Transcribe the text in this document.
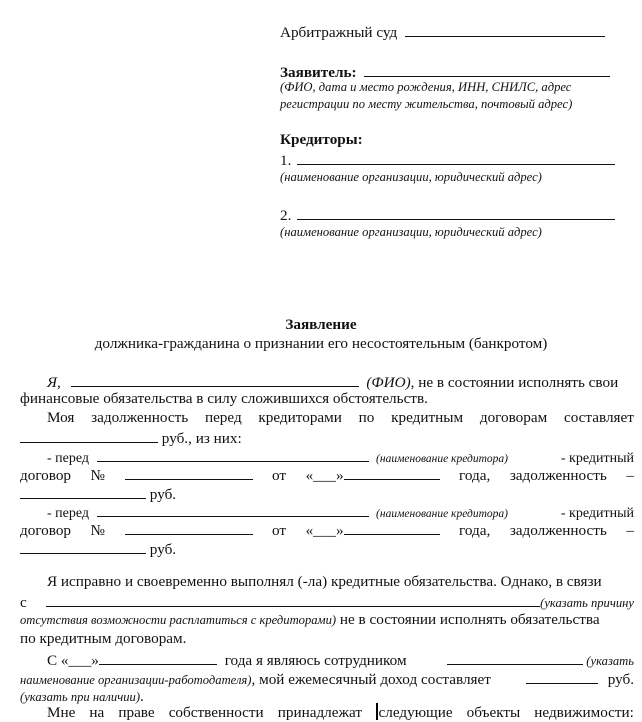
Арбитражный суд
Заявитель:
(ФИО, дата и место рождения, ИНН, СНИЛС, адрес
регистрации по месту жительства, почтовый адрес)
Кредиторы:
1.
(наименование организации, юридический адрес)
2.
(наименование организации, юридический адрес)
Заявление
должника-гражданина о признании его несостоятельным (банкротом)
Я,	(ФИО), не в состоянии исполнять свои
финансовые обязательства в силу сложившихся обстоятельств.
Моя задолженность перед кредиторами по кредитным договорам составляет
руб., из них:
- перед	(наименование кредитора)	- кредитный
договор №	от «___»	года, задолженность –
руб.
- перед	(наименование кредитора)	- кредитный
договор №	от «___»	года, задолженность –
руб.
Я исправно и своевременно выполнял (-ла) кредитные обязательства. Однако, в связи
с	(указать причину
отсутствия возможности расплатиться с кредиторами) не в состоянии исполнять обязательства
по кредитным договорам.
С «___»	года я являюсь сотрудником	(указать
наименование организации-работодателя), мой ежемесячный доход составляет	руб.
(указать при наличии).
Мне на праве собственности принадлежат следующие объекты недвижимости:
